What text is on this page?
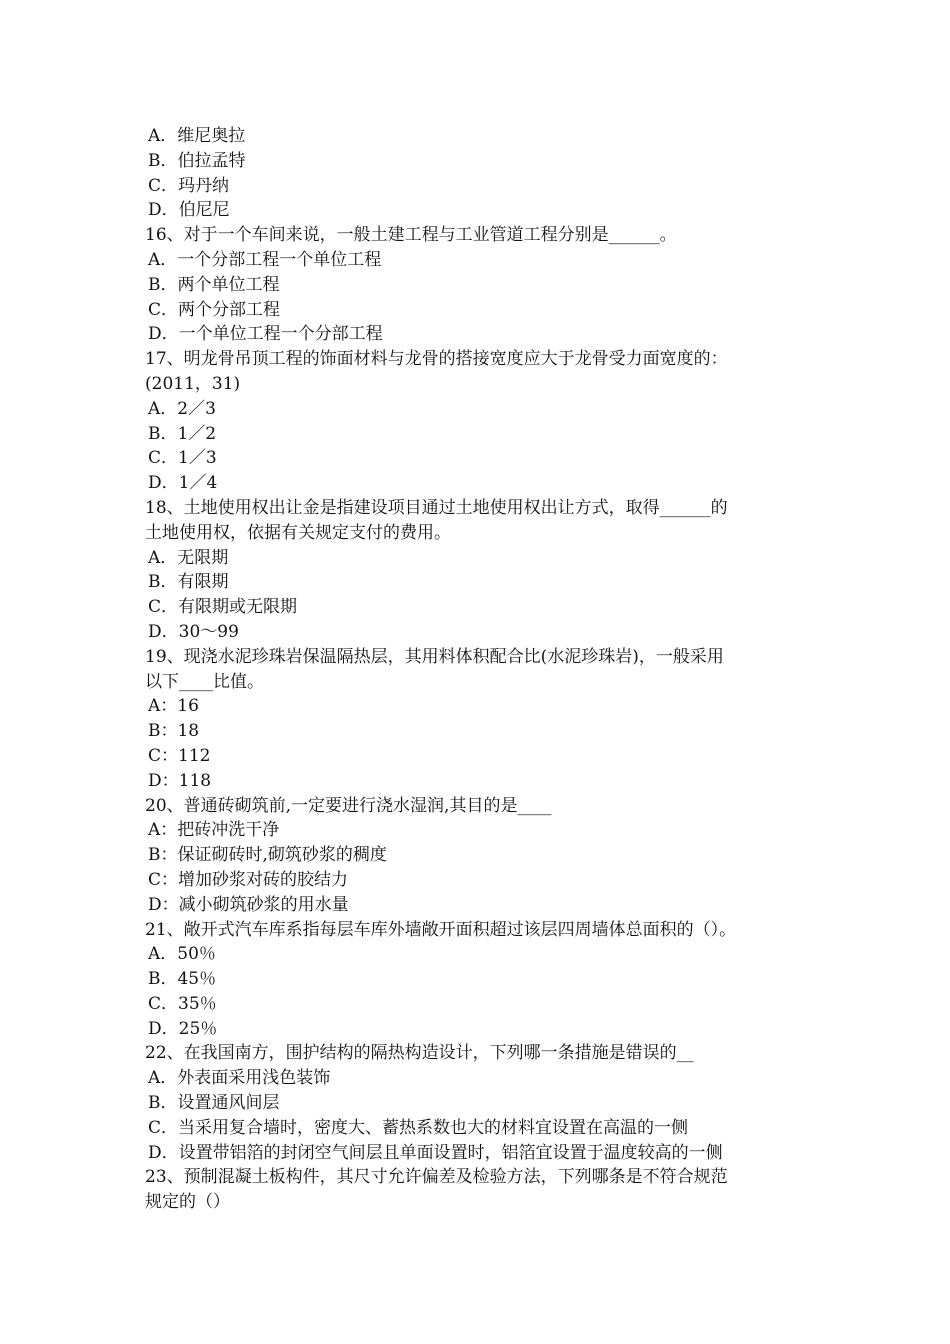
A．维尼奥拉
B．伯拉孟特
C．玛丹纳
D．伯尼尼
16、对于一个车间来说，一般土建工程与工业管道工程分别是______。
A．一个分部工程一个单位工程
B．两个单位工程
C．两个分部工程
D．一个单位工程一个分部工程
17、明龙骨吊顶工程的饰面材料与龙骨的搭接宽度应大于龙骨受力面宽度的：
(2011，31)
A．2／3
B．1／2
C．1／3
D．1／4
18、土地使用权出让金是指建设项目通过土地使用权出让方式，取得______的
土地使用权，依据有关规定支付的费用。
A．无限期
B．有限期
C．有限期或无限期
D．30～99
19、现浇水泥珍珠岩保温隔热层，其用料体积配合比(水泥珍珠岩)，一般采用
以下____比值。
A：16
B：18
C：112
D：118
20、普通砖砌筑前,一定要进行浇水湿润,其目的是____
A：把砖冲洗干净
B：保证砌砖时,砌筑砂浆的稠度
C：增加砂浆对砖的胶结力
D：减小砌筑砂浆的用水量
21、敞开式汽车库系指每层车库外墙敞开面积超过该层四周墙体总面积的（）。
A．50％
B．45％
C．35％
D．25％
22、在我国南方，围护结构的隔热构造设计，下列哪一条措施是错误的__
A．外表面采用浅色装饰
B．设置通风间层
C．当采用复合墙时，密度大、蓄热系数也大的材料宜设置在高温的一侧
D．设置带铝箔的封闭空气间层且单面设置时，铝箔宜设置于温度较高的一侧
23、预制混凝土板构件，其尺寸允许偏差及检验方法，下列哪条是不符合规范
规定的（）
